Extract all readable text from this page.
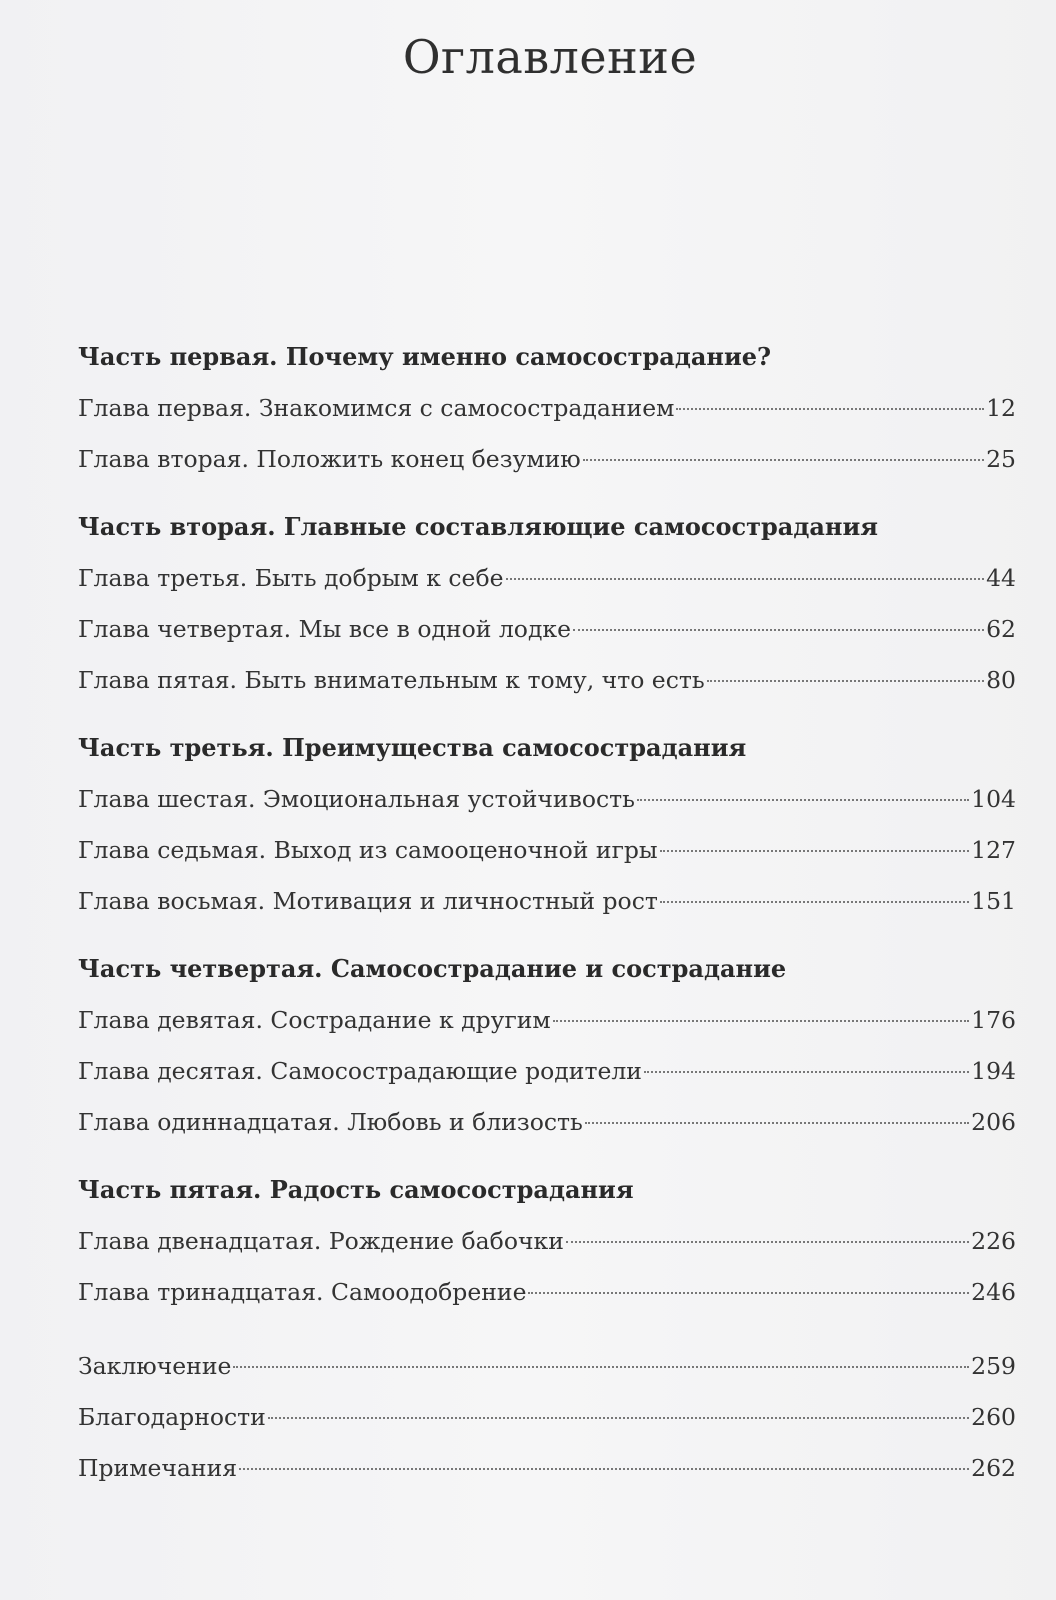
Оглавление
Часть первая. Почему именно самосострадание?
Глава первая. Знакомимся с самосостраданием	12
Глава вторая. Положить конец безумию	25
Часть вторая. Главные составляющие самосострадания
Глава третья. Быть добрым к себе	44
Глава четвертая. Мы все в одной лодке	62
Глава пятая. Быть внимательным к тому, что есть	80
Часть третья. Преимущества самосострадания
Глава шестая. Эмоциональная устойчивость	104
Глава седьмая. Выход из самооценочной игры	127
Глава восьмая. Мотивация и личностный рост	151
Часть четвертая. Самосострадание и сострадание
Глава девятая. Сострадание к другим	176
Глава десятая. Самосострадающие родители	194
Глава одиннадцатая. Любовь и близость	206
Часть пятая. Радость самосострадания
Глава двенадцатая. Рождение бабочки	226
Глава тринадцатая. Самоодобрение	246
Заключение	259
Благодарности	260
Примечания	262
